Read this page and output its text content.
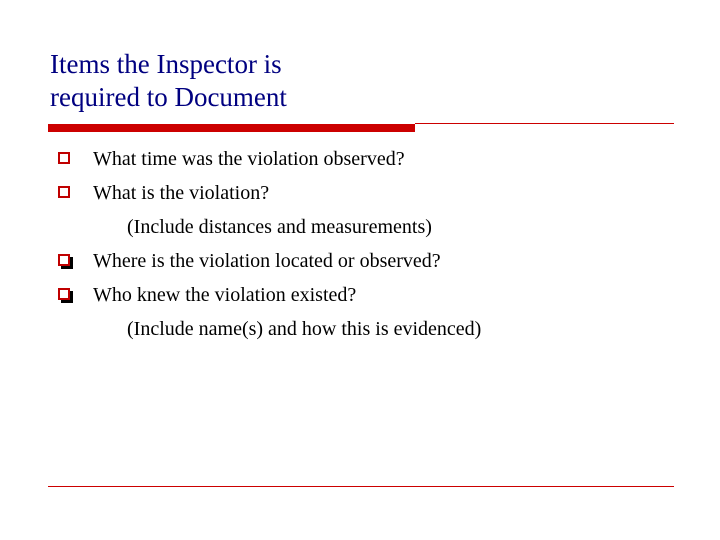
Items the Inspector is
required to Document
What time was the violation observed?
What is the violation?
(Include distances and measurements)
Where is the violation located or observed?
Who knew the violation existed?
(Include name(s) and how this is evidenced)
